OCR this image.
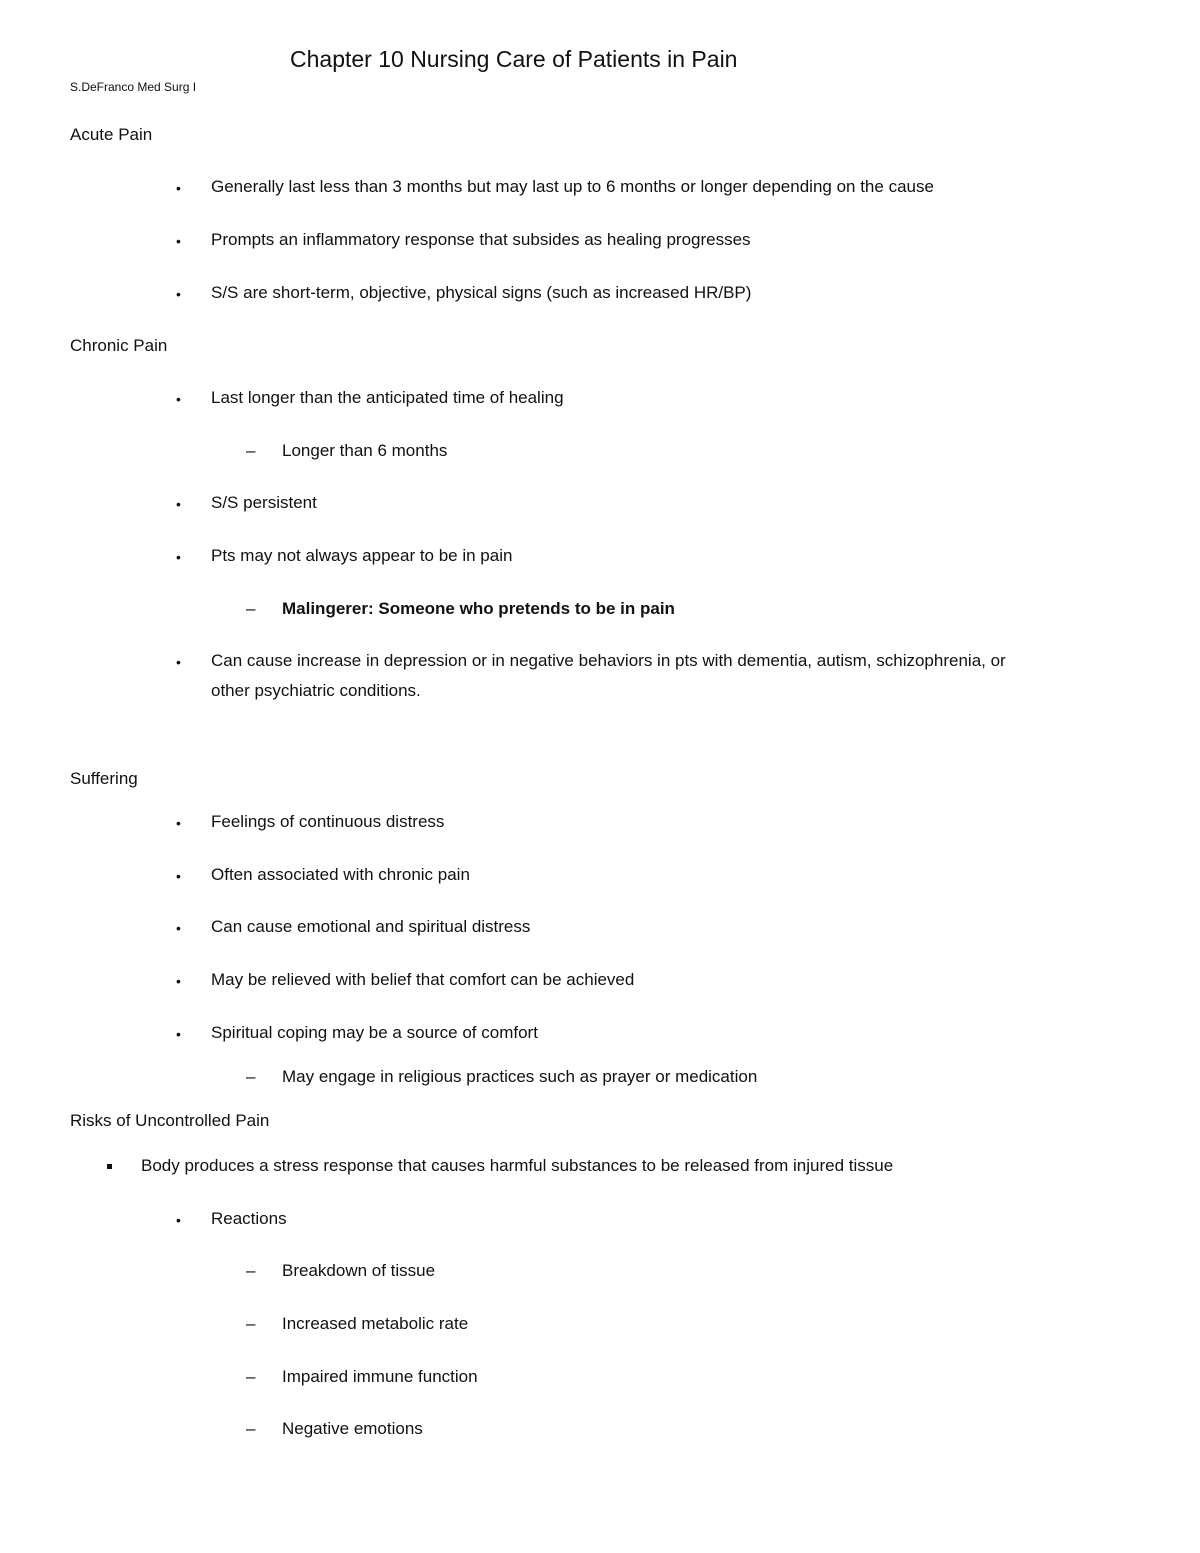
Chapter 10 Nursing Care of Patients in Pain
S.DeFranco Med Surg I
Acute Pain
• Generally last less than 3 months but may last up to 6 months or longer depending on the cause
• Prompts an inflammatory response that subsides as healing progresses
• S/S are short-term, objective, physical signs (such as increased HR/BP)
Chronic Pain
• Last longer than the anticipated time of healing
– Longer than 6 months
• S/S persistent
• Pts may not always appear to be in pain
– Malingerer: Someone who pretends to be in pain
• Can cause increase in depression or in negative behaviors in pts with dementia, autism, schizophrenia, or
other psychiatric conditions.
Suffering
• Feelings of continuous distress
• Often associated with chronic pain
• Can cause emotional and spiritual distress
• May be relieved with belief that comfort can be achieved
• Spiritual coping may be a source of comfort
– May engage in religious practices such as prayer or medication
Risks of Uncontrolled Pain
Body produces a stress response that causes harmful substances to be released from injured tissue
• Reactions
– Breakdown of tissue
– Increased metabolic rate
– Impaired immune function
– Negative emotions
